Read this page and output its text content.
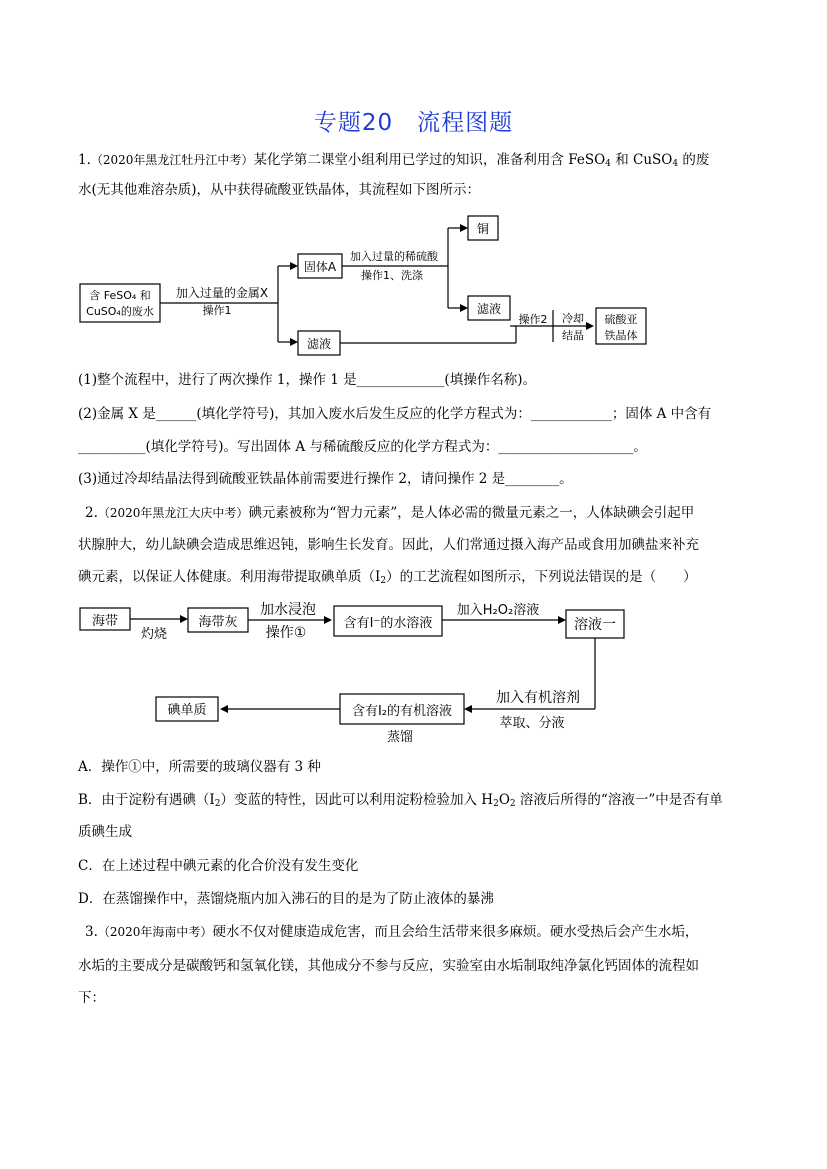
专题20　流程图题
1.（2020年黑龙江牡丹江中考）某化学第二课堂小组利用已学过的知识，准备利用含 FeSO$_4$ 和 CuSO$_4$ 的废
水(无其他难溶杂质)，从中获得硫酸亚铁晶体，其流程如下图所示：
含 FeSO₄ 和
CuSO₄的废水
加入过量的金属X
操作1
固体A
加入过量的稀硫酸
操作1、洗涤
铜
滤液
滤液
操作2 冷却
结晶
硫酸亚
铁晶体
(1)整个流程中，进行了两次操作 1，操作 1 是_____________(填操作名称)。
(2)金属 X 是______(填化学符号)，其加入废水后发生反应的化学方程式为：____________；固体 A 中含有
__________(填化学符号)。写出固体 A 与稀硫酸反应的化学方程式为：____________________。
(3)通过冷却结晶法得到硫酸亚铁晶体前需要进行操作 2，请问操作 2 是________。
2.（2020年黑龙江大庆中考）碘元素被称为“智力元素”，是人体必需的微量元素之一，人体缺碘会引起甲
状腺肿大，幼儿缺碘会造成思维迟钝，影响生长发育。因此，人们常通过摄入海产品或食用加碘盐来补充
碘元素，以保证人体健康。利用海带提取碘单质$(I_2)$的工艺流程如图所示，下列说法错误的是（　　）
海带
灼烧
海带灰
加水浸泡
操作①
含有I⁻的水溶液
加入H₂O₂溶液
溶液一
加入有机溶剂
萃取、分液
含有I₂的有机溶液
蒸馏
碘单质
A．操作①中，所需要的玻璃仪器有 3 种
B．由于淀粉有遇碘$(I_2)$变蓝的特性，因此可以利用淀粉检验加入 $H_2O_2$ 溶液后所得的“溶液一”中是否有单
质碘生成
C．在上述过程中碘元素的化合价没有发生变化
D．在蒸馏操作中，蒸馏烧瓶内加入沸石的目的是为了防止液体的暴沸
3.（2020年海南中考）硬水不仅对健康造成危害，而且会给生活带来很多麻烦。硬水受热后会产生水垢，
水垢的主要成分是碳酸钙和氢氧化镁，其他成分不参与反应，实验室由水垢制取纯净氯化钙固体的流程如
下：
